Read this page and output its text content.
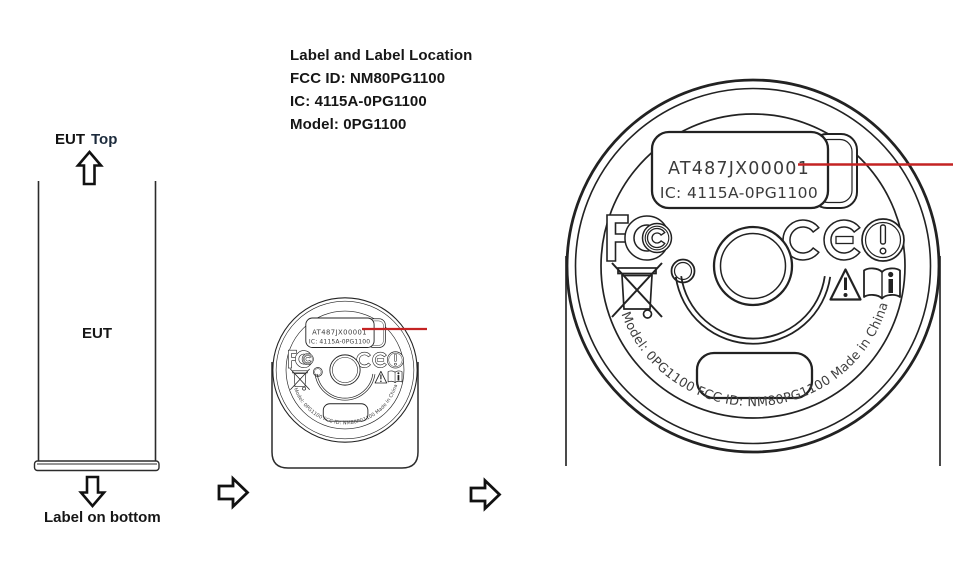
Label and Label Location
FCC ID: NM80PG1100
IC: 4115A-0PG1100
Model: 0PG1100
EUT Top
EUT
Label on bottom
AT487JX00001
IC: 4115A-0PG1100
Model: 0PG1100 FCC ID: NM80PG1100 Made in China
AT487JX00001
IC: 4115A-0PG1100
Model: 0PG1100 FCC ID: NM80PG1100 Made in China
